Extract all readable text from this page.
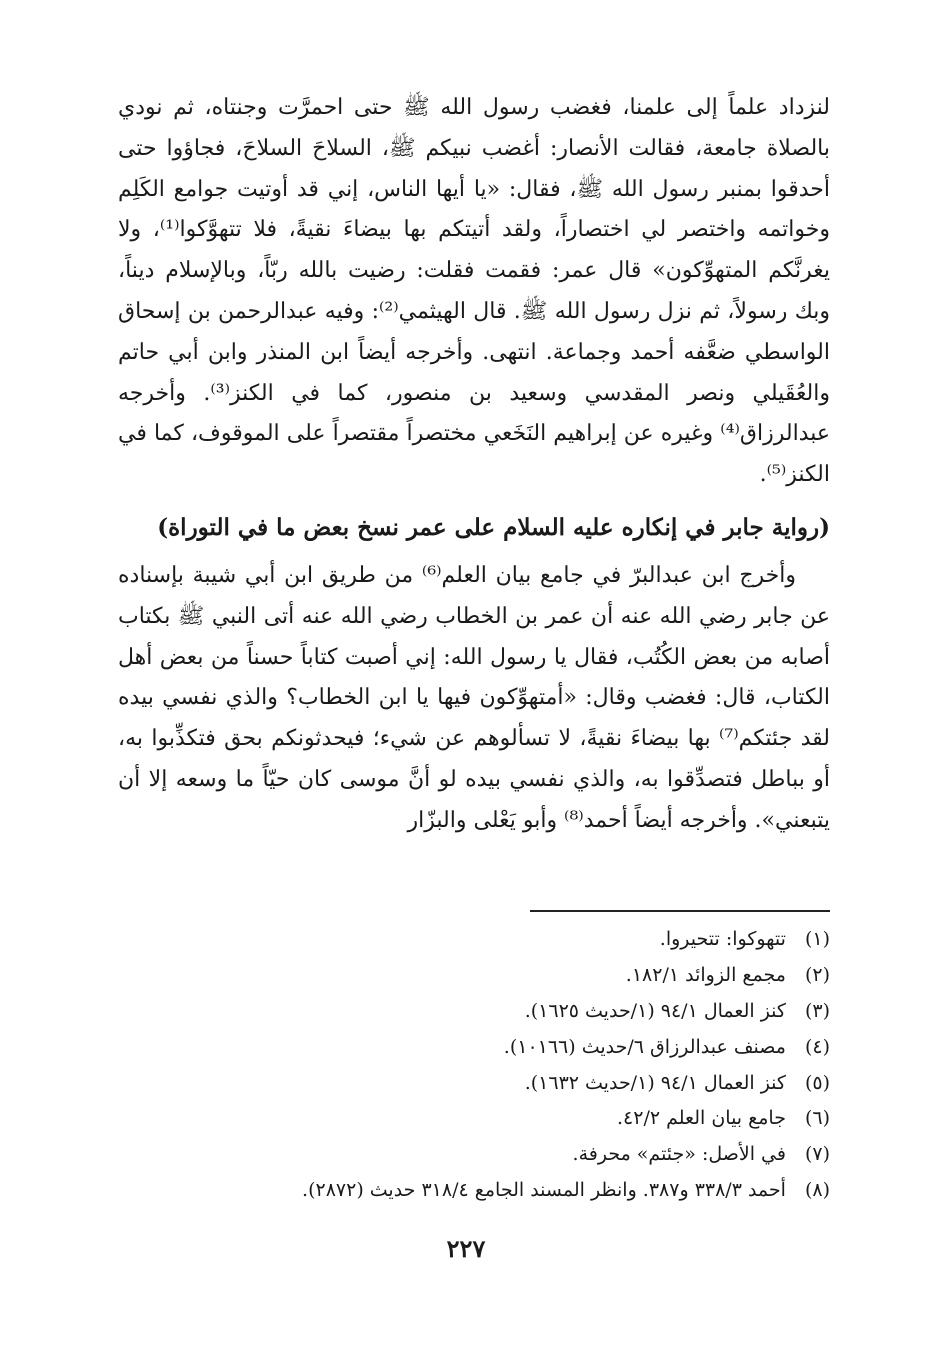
لنزداد علماً إلى علمنا، فغضب رسول الله ﷺ حتى احمرَّت وجنتاه، ثم نودي بالصلاة جامعة، فقالت الأنصار: أغضب نبيكم ﷺ، السلاحَ السلاحَ، فجاؤوا حتى أحدقوا بمنبر رسول الله ﷺ، فقال: «يا أيها الناس، إني قد أوتيت جوامع الكَلِم وخواتمه واختصر لي اختصاراً، ولقد أتيتكم بها بيضاءَ نقيةً، فلا تتهوَّكوا⁽¹⁾، ولا يغرنَّكم المتهوِّكون» قال عمر: فقمت فقلت: رضيت بالله ربّاً، وبالإسلام ديناً، وبك رسولاً، ثم نزل رسول الله ﷺ. قال الهيثمي⁽²⁾: وفيه عبدالرحمن بن إسحاق الواسطي ضعَّفه أحمد وجماعة. انتهى. وأخرجه أيضاً ابن المنذر وابن أبي حاتم والعُقَيلي ونصر المقدسي وسعيد بن منصور، كما في الكنز⁽³⁾. وأخرجه عبدالرزاق⁽⁴⁾ وغيره عن إبراهيم النَخَعي مختصراً مقتصراً على الموقوف، كما في الكنز⁽⁵⁾.

(رواية جابر في إنكاره عليه السلام على عمر نسخ بعض ما في التوراة)

وأخرج ابن عبدالبرّ في جامع بيان العلم⁽⁶⁾ من طريق ابن أبي شيبة بإسناده عن جابر رضي الله عنه أن عمر بن الخطاب رضي الله عنه أتى النبي ﷺ بكتاب أصابه من بعض الكُتُب، فقال يا رسول الله: إني أصبت كتاباً حسناً من بعض أهل الكتاب، قال: فغضب وقال: «أمتهوِّكون فيها يا ابن الخطاب؟ والذي نفسي بيده لقد جئتكم⁽⁷⁾ بها بيضاءَ نقيةً، لا تسألوهم عن شيء؛ فيحدثونكم بحق فتكذِّبوا به، أو بباطل فتصدِّقوا به، والذي نفسي بيده لو أنَّ موسى كان حيّاً ما وسعه إلا أن يتبعني». وأخرجه أيضاً أحمد⁽⁸⁾ وأبو يَعْلى والبزّار

(١) تتهوكوا: تتحيروا.
(٢) مجمع الزوائد ١٨٢/١.
(٣) كنز العمال ٩٤/١ (١/حديث ١٦٢٥).
(٤) مصنف عبدالرزاق ٦/حديث (١٠١٦٦).
(٥) كنز العمال ٩٤/١ (١/حديث ١٦٣٢).
(٦) جامع بيان العلم ٤٢/٢.
(٧) في الأصل: «جئتم» محرفة.
(٨) أحمد ٣٣٨/٣ و٣٨٧. وانظر المسند الجامع ٣١٨/٤ حديث (٢٨٧٢).
٢٢٧
